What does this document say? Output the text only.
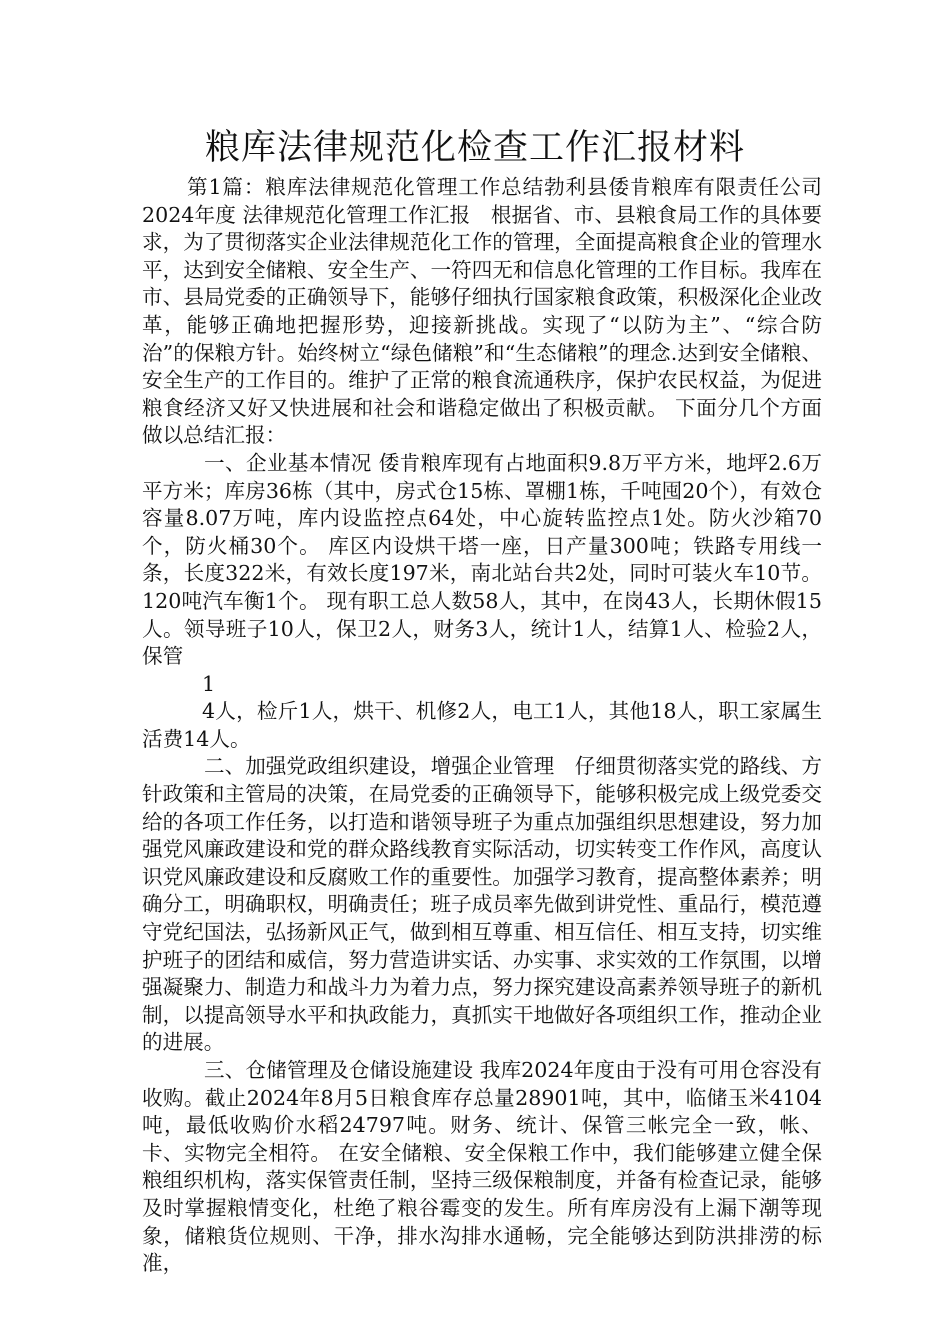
粮库法律规范化检查工作汇报材料

第1篇：粮库法律规范化管理工作总结勃利县倭肯粮库有限责任公司2024年度 法律规范化管理工作汇报　根据省、市、县粮食局工作的具体要求，为了贯彻落实企业法律规范化工作的管理，全面提高粮食企业的管理水平，达到安全储粮、安全生产、一符四无和信息化管理的工作目标。我库在市、县局党委的正确领导下，能够仔细执行国家粮食政策，积极深化企业改革，能够正确地把握形势，迎接新挑战。实现了“以防为主”、“综合防治”的保粮方针。始终树立“绿色储粮”和“生态储粮”的理念.达到安全储粮、安全生产的工作目的。维护了正常的粮食流通秩序，保护农民权益，为促进粮食经济又好又快进展和社会和谐稳定做出了积极贡献。 下面分几个方面做以总结汇报：

一、企业基本情况 倭肯粮库现有占地面积9.8万平方米，地坪2.6万平方米；库房36栋（其中，房式仓15栋、罩棚1栋，千吨囤20个），有效仓容量8.07万吨，库内设监控点64处，中心旋转监控点1处。防火沙箱70个，防火桶30个。 库区内设烘干塔一座，日产量300吨；铁路专用线一条，长度322米，有效长度197米，南北站台共2处，同时可装火车10节。120吨汽车衡1个。 现有职工总人数58人，其中，在岗43人，长期休假15人。领导班子10人，保卫2人，财务3人，统计1人，结算1人、检验2人，保管

1

4人，检斤1人，烘干、机修2人，电工1人，其他18人，职工家属生活费14人。

二、加强党政组织建设，增强企业管理　仔细贯彻落实党的路线、方针政策和主管局的决策，在局党委的正确领导下，能够积极完成上级党委交给的各项工作任务，以打造和谐领导班子为重点加强组织思想建设，努力加强党风廉政建设和党的群众路线教育实际活动，切实转变工作作风，高度认识党风廉政建设和反腐败工作的重要性。加强学习教育，提高整体素养；明确分工，明确职权，明确责任；班子成员率先做到讲党性、重品行，模范遵守党纪国法，弘扬新风正气，做到相互尊重、相互信任、相互支持，切实维护班子的团结和威信，努力营造讲实话、办实事、求实效的工作氛围，以增强凝聚力、制造力和战斗力为着力点，努力探究建设高素养领导班子的新机制，以提高领导水平和执政能力，真抓实干地做好各项组织工作，推动企业的进展。

三、仓储管理及仓储设施建设 我库2024年度由于没有可用仓容没有收购。截止2024年8月5日粮食库存总量28901吨，其中，临储玉米4104吨，最低收购价水稻24797吨。财务、统计、保管三帐完全一致，帐、卡、实物完全相符。 在安全储粮、安全保粮工作中，我们能够建立健全保粮组织机构，落实保管责任制，坚持三级保粮制度，并备有检查记录，能够及时掌握粮情变化，杜绝了粮谷霉变的发生。所有库房没有上漏下潮等现象，储粮货位规则、干净，排水沟排水通畅，完全能够达到防洪排涝的标准，
